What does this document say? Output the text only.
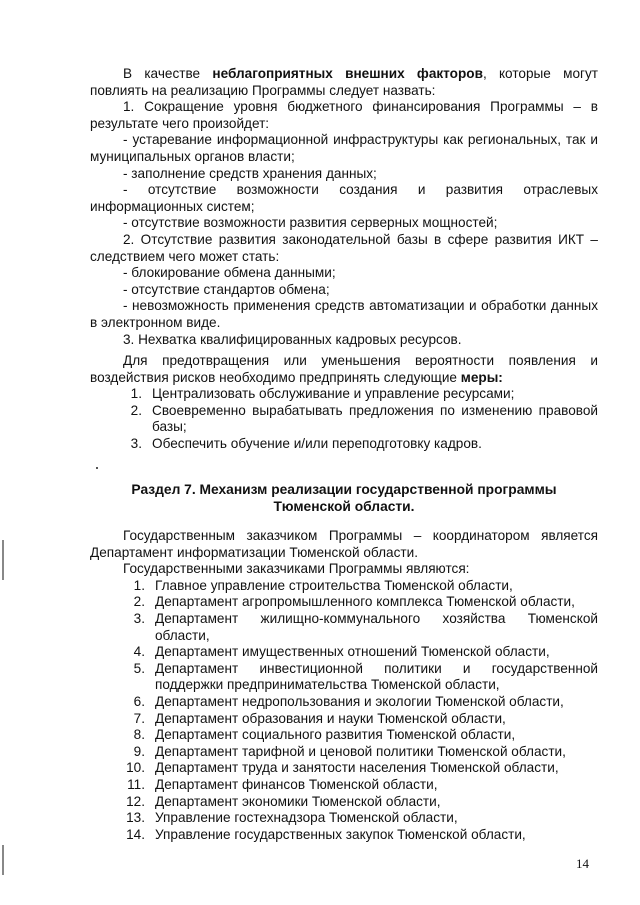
В качестве неблагоприятных внешних факторов, которые могут повлиять на реализацию Программы следует назвать:

1. Сокращение уровня бюджетного финансирования Программы – в результате чего произойдет:

- устаревание информационной инфраструктуры как региональных, так и муниципальных органов власти;

- заполнение средств хранения данных;

- отсутствие возможности создания и развития отраслевых информационных систем;

- отсутствие возможности развития серверных мощностей;

2. Отсутствие развития законодательной базы в сфере развития ИКТ – следствием чего может стать:

- блокирование обмена данными;

- отсутствие стандартов обмена;

- невозможность применения средств автоматизации и обработки данных в электронном виде.

3. Нехватка квалифицированных кадровых ресурсов.

Для предотвращения или уменьшения вероятности появления и воздействия рисков необходимо предпринять следующие меры:

1. Централизовать обслуживание и управление ресурсами;
2. Своевременно вырабатывать предложения по изменению правовой базы;
3. Обеспечить обучение и/или переподготовку кадров.
Раздел 7. Механизм реализации государственной программы
Тюменской области.

Государственным заказчиком Программы – координатором является Департамент информатизации Тюменской области.

Государственными заказчиками Программы являются:

1. Главное управление строительства Тюменской области,
2. Департамент агропромышленного комплекса Тюменской области,
3. Департамент жилищно-коммунального хозяйства Тюменской области,
4. Департамент имущественных отношений Тюменской области,
5. Департамент инвестиционной политики и государственной поддержки предпринимательства Тюменской области,
6. Департамент недропользования и экологии Тюменской области,
7. Департамент образования и науки Тюменской области,
8. Департамент социального развития Тюменской области,
9. Департамент тарифной и ценовой политики Тюменской области,
10. Департамент труда и занятости населения Тюменской области,
11. Департамент финансов Тюменской области,
12. Департамент экономики Тюменской области,
13. Управление гостехнадзора Тюменской области,
14. Управление государственных закупок Тюменской области,
14
